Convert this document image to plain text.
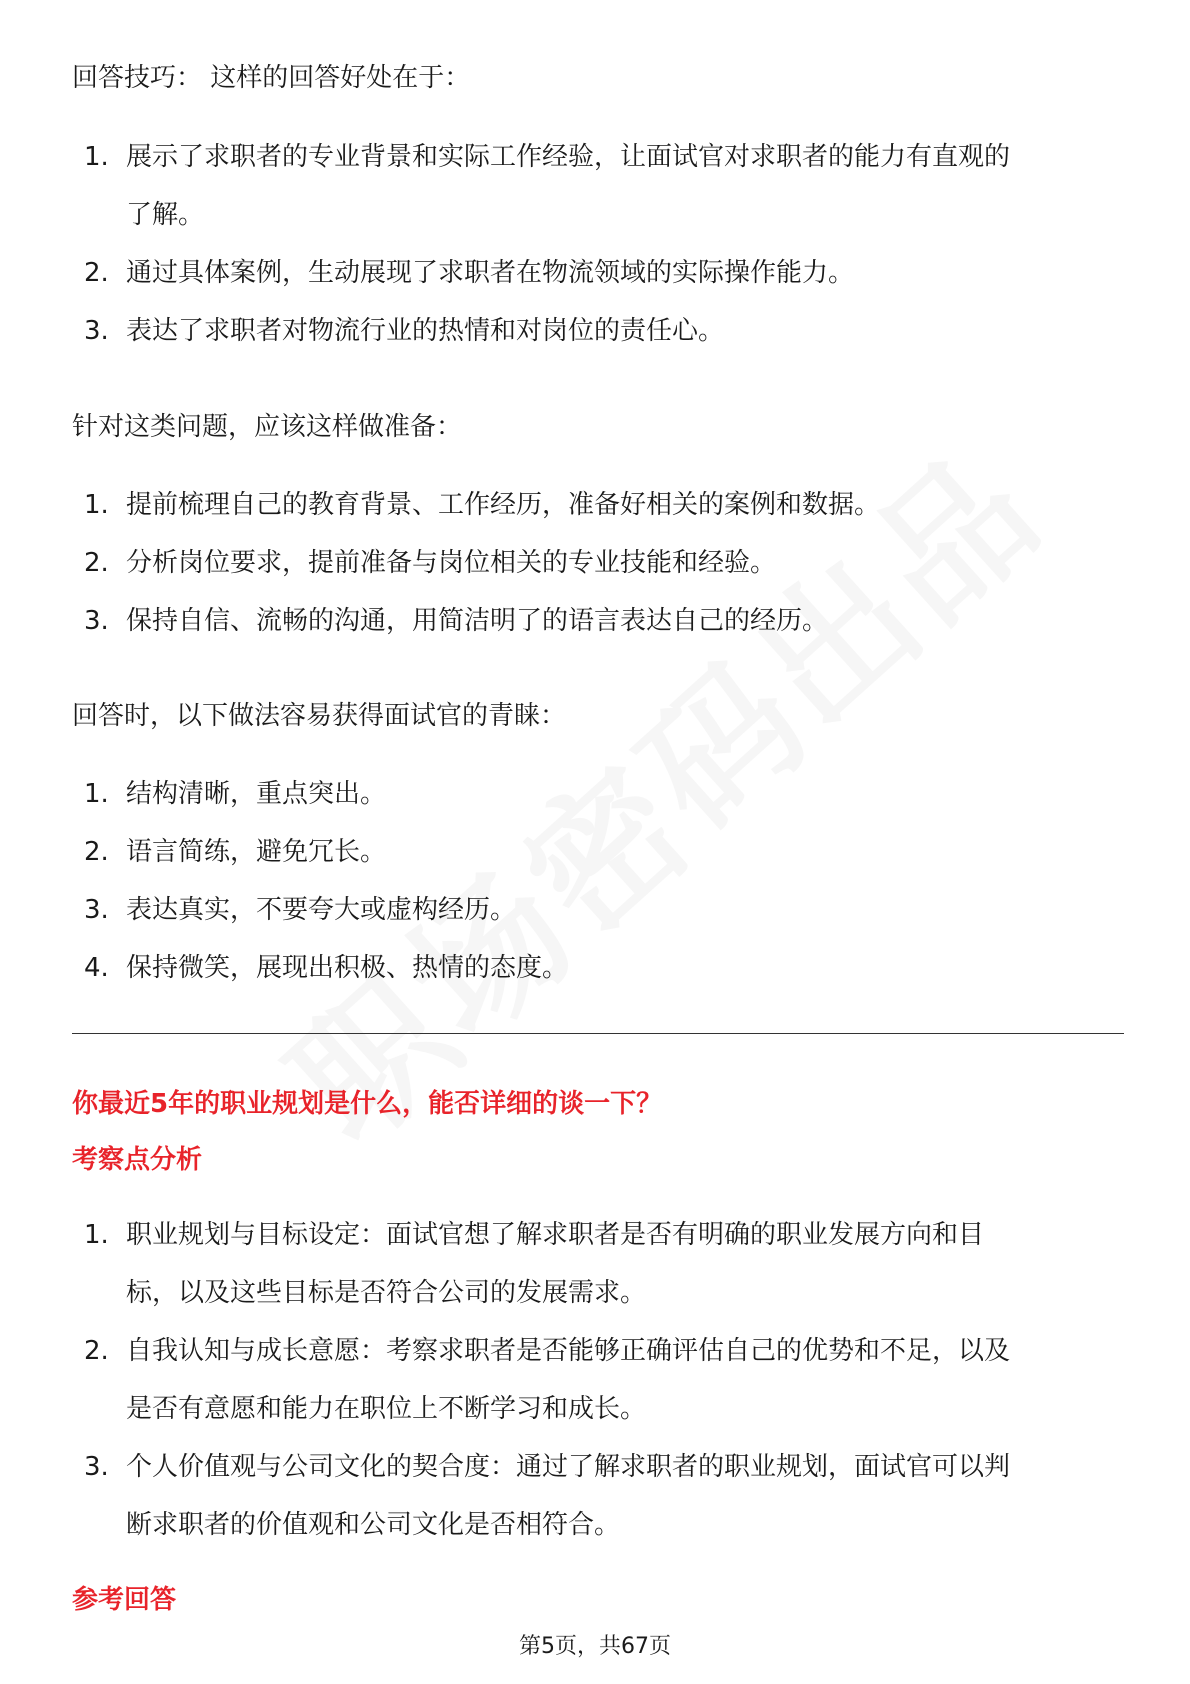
回答技巧： 这样的回答好处在于：

1. 展示了求职者的专业背景和实际工作经验，让面试官对求职者的能力有直观的
了解。
2. 通过具体案例，生动展现了求职者在物流领域的实际操作能力。
3. 表达了求职者对物流行业的热情和对岗位的责任心。

针对这类问题，应该这样做准备：

1. 提前梳理自己的教育背景、工作经历，准备好相关的案例和数据。
2. 分析岗位要求，提前准备与岗位相关的专业技能和经验。
3. 保持自信、流畅的沟通，用简洁明了的语言表达自己的经历。

回答时，以下做法容易获得面试官的青睐：

1. 结构清晰，重点突出。
2. 语言简练，避免冗长。
3. 表达真实，不要夸大或虚构经历。
4. 保持微笑，展现出积极、热情的态度。

你最近5年的职业规划是什么，能否详细的谈一下？

考察点分析

1. 职业规划与目标设定：面试官想了解求职者是否有明确的职业发展方向和目
标，以及这些目标是否符合公司的发展需求。
2. 自我认知与成长意愿：考察求职者是否能够正确评估自己的优势和不足，以及
是否有意愿和能力在职位上不断学习和成长。
3. 个人价值观与公司文化的契合度：通过了解求职者的职业规划，面试官可以判
断求职者的价值观和公司文化是否相符合。

参考回答

第5页，共67页
